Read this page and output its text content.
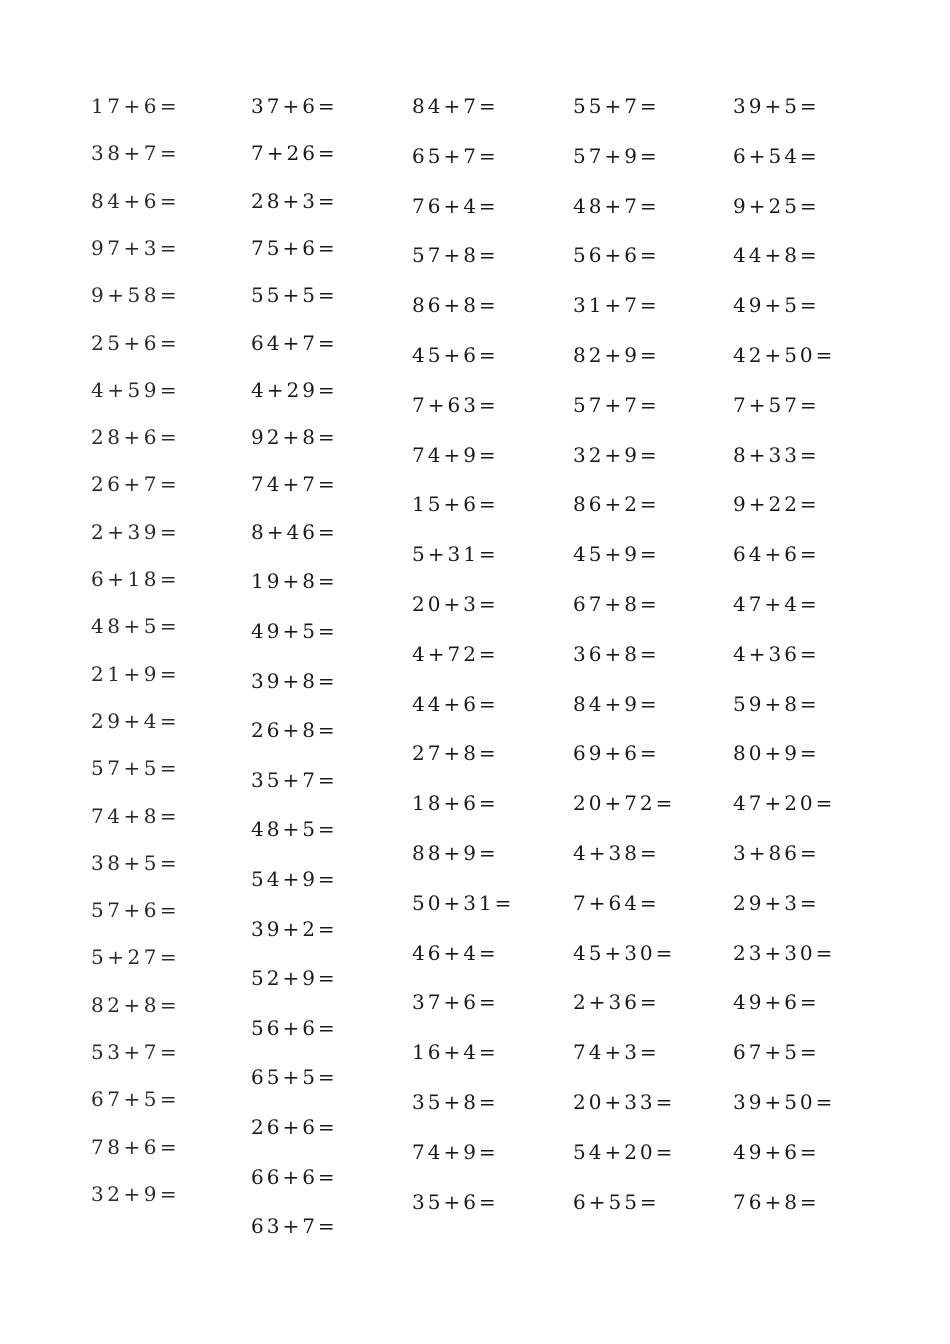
17+6=
38+7=
84+6=
97+3=
9+58=
25+6=
4+59=
28+6=
26+7=
2+39=
6+18=
48+5=
21+9=
29+4=
57+5=
74+8=
38+5=
57+6=
5+27=
82+8=
53+7=
67+5=
78+6=
32+9=
37+6=
7+26=
28+3=
75+6=
55+5=
64+7=
4+29=
92+8=
74+7=
8+46=
19+8=
49+5=
39+8=
26+8=
35+7=
48+5=
54+9=
39+2=
52+9=
56+6=
65+5=
26+6=
66+6=
63+7=
84+7=
65+7=
76+4=
57+8=
86+8=
45+6=
7+63=
74+9=
15+6=
5+31=
20+3=
4+72=
44+6=
27+8=
18+6=
88+9=
50+31=
46+4=
37+6=
16+4=
35+8=
74+9=
35+6=
55+7=
57+9=
48+7=
56+6=
31+7=
82+9=
57+7=
32+9=
86+2=
45+9=
67+8=
36+8=
84+9=
69+6=
20+72=
4+38=
7+64=
45+30=
2+36=
74+3=
20+33=
54+20=
6+55=
39+5=
6+54=
9+25=
44+8=
49+5=
42+50=
7+57=
8+33=
9+22=
64+6=
47+4=
4+36=
59+8=
80+9=
47+20=
3+86=
29+3=
23+30=
49+6=
67+5=
39+50=
49+6=
76+8=
